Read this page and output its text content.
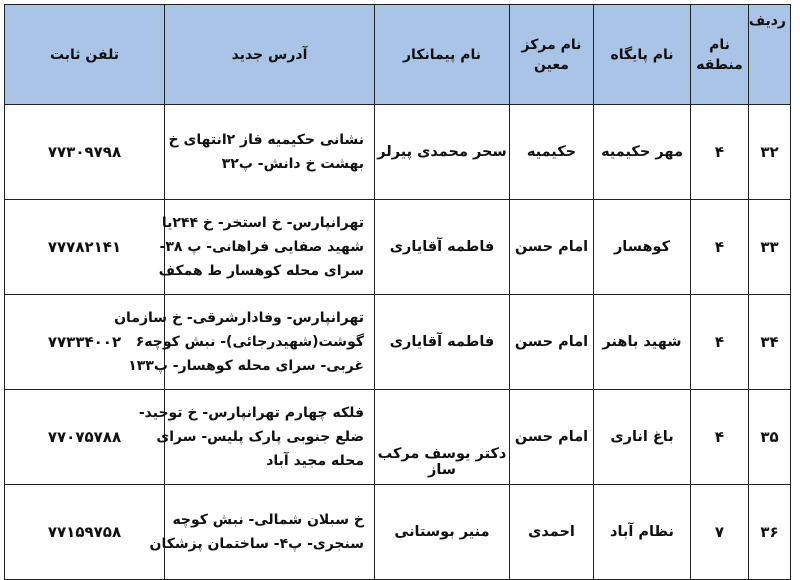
ردیف	نام منطقه	نام پایگاه	نام مرکز معین	نام پیمانکار	آدرس جدید	تلفن ثابت
۳۲	۴	مهر حکیمیه	حکیمیه	سحر محمدی پیرلر	نشانی حکیمیه فاز ۲انتهای خ
بهشت خ دانش- پ۳۲	۷۷۳۰۹۷۹۸
۳۳	۴	کوهسار	امام حسن	فاطمه آقایاری	تهرانپارس- خ استخر- خ ۲۴۴یا
شهید صفایی فراهانی- پ ۳۸-
سرای محله کوهسار ط همکف	۷۷۷۸۲۱۴۱
۳۴	۴	شهید باهنر	امام حسن	فاطمه آقایاری	تهرانپارس- وفادارشرقی- خ سازمان
گوشت(شهیدرجائی)- نبش کوچه۶
غربی- سرای محله کوهسار- پ۱۳۳	۷۷۳۳۴۰۰۲
۳۵	۴	باغ اناری	امام حسن	دکتر یوسف مرکب ساز	فلکه چهارم تهرانپارس- خ توحید-
ضلع جنوبی پارک پلیس- سرای
محله مجید آباد	۷۷۰۷۵۷۸۸
۳۶	۷	نظام آباد	احمدی	منیر بوستانی	خ سبلان شمالی- نبش کوچه
سنجری- پ۴- ساختمان پزشکان	۷۷۱۵۹۷۵۸
